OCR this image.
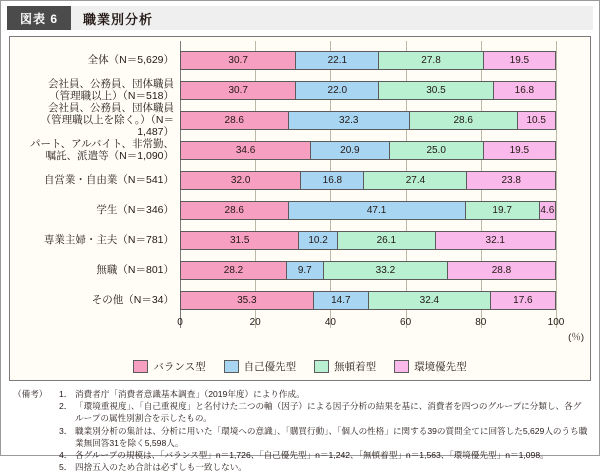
図表 6	職業別分析
全体（N＝5,629）	30.7	22.1	27.8	19.5
会社員、公務員、団体職員
（管理職以上）（N＝518）	30.7	22.0	30.5	16.8
会社員、公務員、団体職員
（管理職以上を除く。）（N＝1,487）
28.6	32.3	28.6	10.5
パート、アルバイト、非常勤、
嘱託、派遣等（N＝1,090）	34.6	20.9	25.0	19.5
自営業・自由業（N＝541）	32.0	16.8	27.4	23.8
学生（N＝346）	28.6	47.1	19.7	4.6
専業主婦・主夫（N＝781）	31.5	10.2	26.1	32.1
無職（N＝801）	28.2	9.7	33.2	28.8
その他（N＝34）	35.3	14.7	32.4	17.6
0	20	40	60	80	100
(％)
バランス型	自己優先型	無頓着型	環境優先型
（備考）	1． 消費者庁「消費者意識基本調査」（2019年度）により作成。
2． 「環境重視度」、「自己重視度」と名付けた二つの軸（因子）による因子分析の結果を基に、消費者を四つのグループに分類し、各グループの属性別割合を示したもの。
3． 職業別分析の集計は、分析に用いた「環境への意識」、「購買行動」、「個人の性格」に関する39の質問全てに回答した5,629人のうち職業無回答31を除く5,598人。
4． 各グループの規模は、「バランス型」n＝1,726、「自己優先型」n＝1,242、「無頓着型」n＝1,563、「環境優先型」n＝1,098。
5． 四捨五入のため合計は必ずしも一致しない。
